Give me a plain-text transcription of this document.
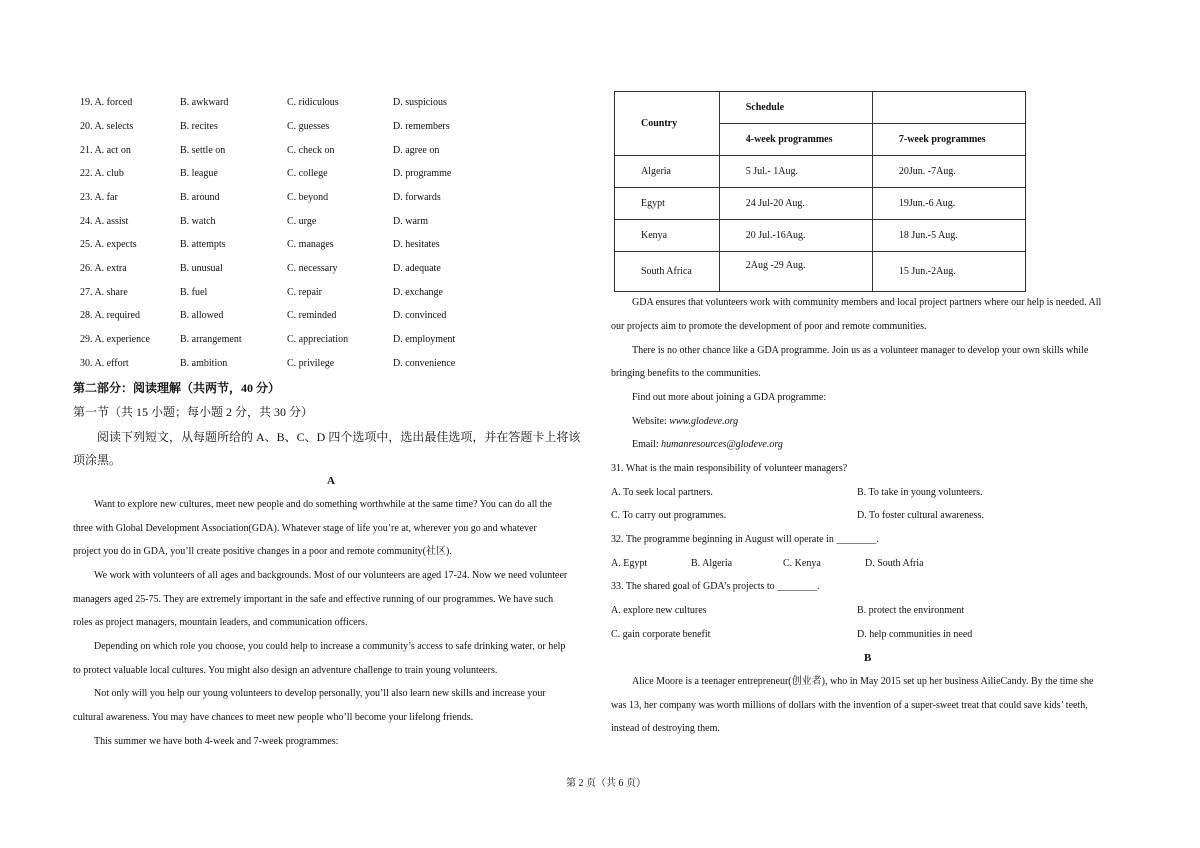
19. A. forced	B. awkward	C. ridiculous	D. suspicious
20. A. selects	B. recites	C. guesses	D. remembers
21. A. act on	B. settle on	C. check on	D. agree on
22. A. club	B. league	C. college	D. programme
23. A. far	B. around	C. beyond	D. forwards
24. A. assist	B. watch	C. urge	D. warm
25. A. expects	B. attempts	C. manages	D. hesitates
26. A. extra	B. unusual	C. necessary	D. adequate
27. A. share	B. fuel	C. repair	D. exchange
28. A. required	B. allowed	C. reminded	D. convinced
29. A. experience	B. arrangement	C. appreciation	D. employment
30. A. effort	B. ambition	C. privilege	D. convenience
第二部分：阅读理解（共两节，40 分）
第一节（共 15 小题；每小题 2 分，共 30 分）
阅读下列短文，从每题所给的 A、B、C、D 四个选项中，选出最佳选项，并在答题卡上将该
项涂黑。
A
Want to explore new cultures, meet new people and do something worthwhile at the same time? You can do all the
three with Global Development Association(GDA). Whatever stage of life you’re at, wherever you go and whatever
project you do in GDA, you’ll create positive changes in a poor and remote community(社区).
We work with volunteers of all ages and backgrounds. Most of our volunteers are aged 17-24. Now we need volunteer
managers aged 25-75. They are extremely important in the safe and effective running of our programmes. We have such
roles as project managers, mountain leaders, and communication officers.
Depending on which role you choose, you could help to increase a community’s access to safe drinking water, or help
to protect valuable local cultures. You might also design an adventure challenge to train young volunteers.
Not only will you help our young volunteers to develop personally, you’ll also learn new skills and increase your
cultural awareness. You may have chances to meet new people who’ll become your lifelong friends.
This summer we have both 4-week and 7-week programmes:
Country	Schedule	
	4-week programmes	7-week programmes
Algeria	5 Jul.- 1Aug.	20Jun. -7Aug.
Egypt	24 Jul-20 Aug.	19Jun.-6 Aug.
Kenya	20 Jul.-16Aug.	18 Jun.-5 Aug.
South Africa	2Aug -29 Aug.	15 Jun.-2Aug.
GDA ensures that volunteers work with community members and local project partners where our help is needed. All
our projects aim to promote the development of poor and remote communities.
There is no other chance like a GDA programme. Join us as a volunteer manager to develop your own skills while
bringing benefits to the communities.
Find out more about joining a GDA programme:
Website: www.glodeve.org
Email: humanresources@glodeve.org
31. What is the main responsibility of volunteer managers?
A. To seek local partners.	B. To take in young volunteers.
C. To carry out programmes.	D. To foster cultural awareness.
32. The programme beginning in August will operate in ________.
A. Egypt	B. Algeria	C. Kenya	D. South Afria
33. The shared goal of GDA’s projects to ________.
A. explore new cultures	B. protect the environment
C. gain corporate benefit	D. help communities in need
B
Alice Moore is a teenager entrepreneur(创业者), who in May 2015 set up her business AilieCandy. By the time she
was 13, her company was worth millions of dollars with the invention of a super-sweet treat that could save kids’ teeth,
instead of destroying them.
第 2 页（共 6 页）
